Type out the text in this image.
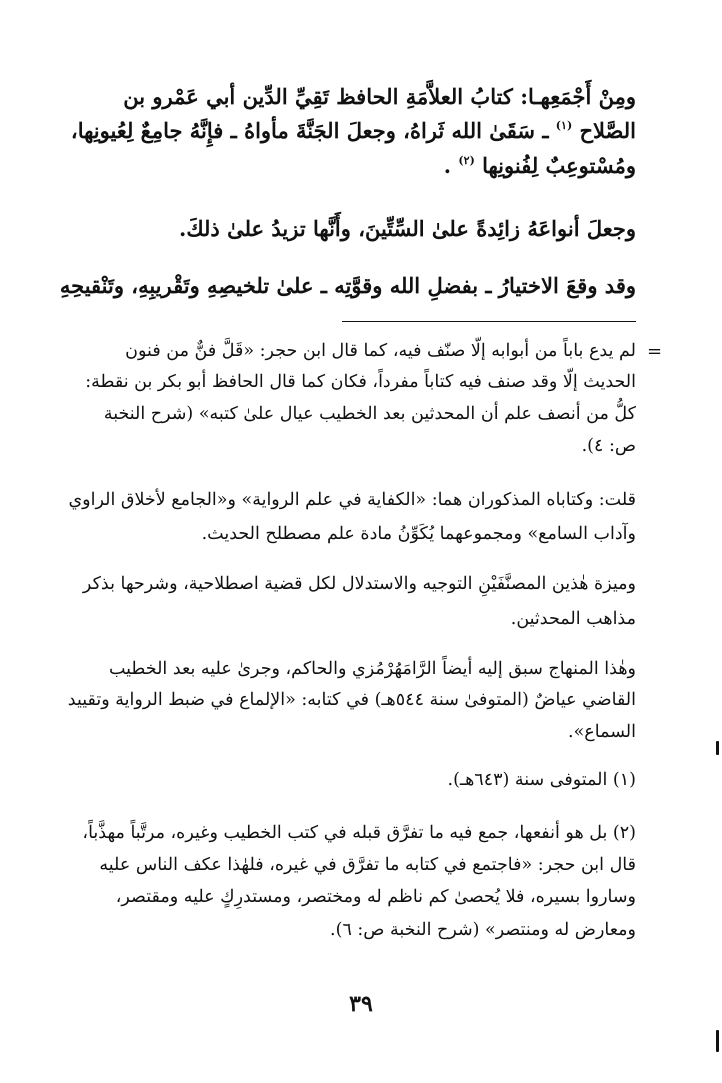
ومِنْ أَجْمَعِهـا: كتابُ العلاَّمَةِ الحافظ تَقِيِّ الدِّين أبي عَمْرو بن
الصَّلاح $^{(١)}$ ـ سَقَىٰ الله ثَراهُ، وجعلَ الجَنَّةَ مأواهُ ـ فإِنَّهُ جامِعٌ لِعُيونِها،
ومُسْتوعِبٌ لِفُنونِها $^{(٢)}$ .
وجعلَ أنواعَهُ زائِدةً علىٰ السِّتِّينَ، وأَنَّها تزيدُ علىٰ ذلكَ.
وقد وقعَ الاختيارُ ـ بفضلِ الله وقوَّتِه ـ علىٰ تلخيصِهِ وتَقْريبِهِ، وتَنْقيحِهِ
=
لم يدع باباً من أبوابه إلّا صنّف فيه، كما قال ابن حجر: «قَلَّ فنٌّ من فنون
الحديث إلّا وقد صنف فيه كتاباً مفرداً، فكان كما قال الحافظ أبو بكر بن نقطة:
كلُّ من أنصف علم أن المحدثين بعد الخطيب عيال علىٰ كتبه» (شرح النخبة
ص: ٤).
قلت: وكتاباه المذكوران هما: «الكفاية في علم الرواية» و«الجامع لأخلاق الراوي
وآداب السامع» ومجموعهما يُكَوِّنُ مادة علم مصطلح الحديث.
وميزة هٰذين المصنَّفَيْنِ التوجيه والاستدلال لكل قضية اصطلاحية، وشرحها بذكر
مذاهب المحدثين.
وهٰذا المنهاج سبق إليه أيضاً الرَّامَهُرْمُزي والحاكم، وجرىٰ عليه بعد الخطيب
القاضي عياضٌ (المتوفىٰ سنة ٥٤٤هـ) في كتابه: «الإلماع في ضبط الرواية وتقييد
السماع».
(١) المتوفى سنة (٦٤٣هـ).
(٢) بل هو أنفعها، جمع فيه ما تفرَّق قبله في كتب الخطيب وغيره، مرتَّباً مهذَّباً،
قال ابن حجر: «فاجتمع في كتابه ما تفرَّق في غيره، فلهٰذا عكف الناس عليه
وساروا بسيره، فلا يُحصىٰ كم ناظم له ومختصر، ومستدرِكٍ عليه ومقتصر،
ومعارض له ومنتصر» (شرح النخبة ص: ٦).
٣٩
